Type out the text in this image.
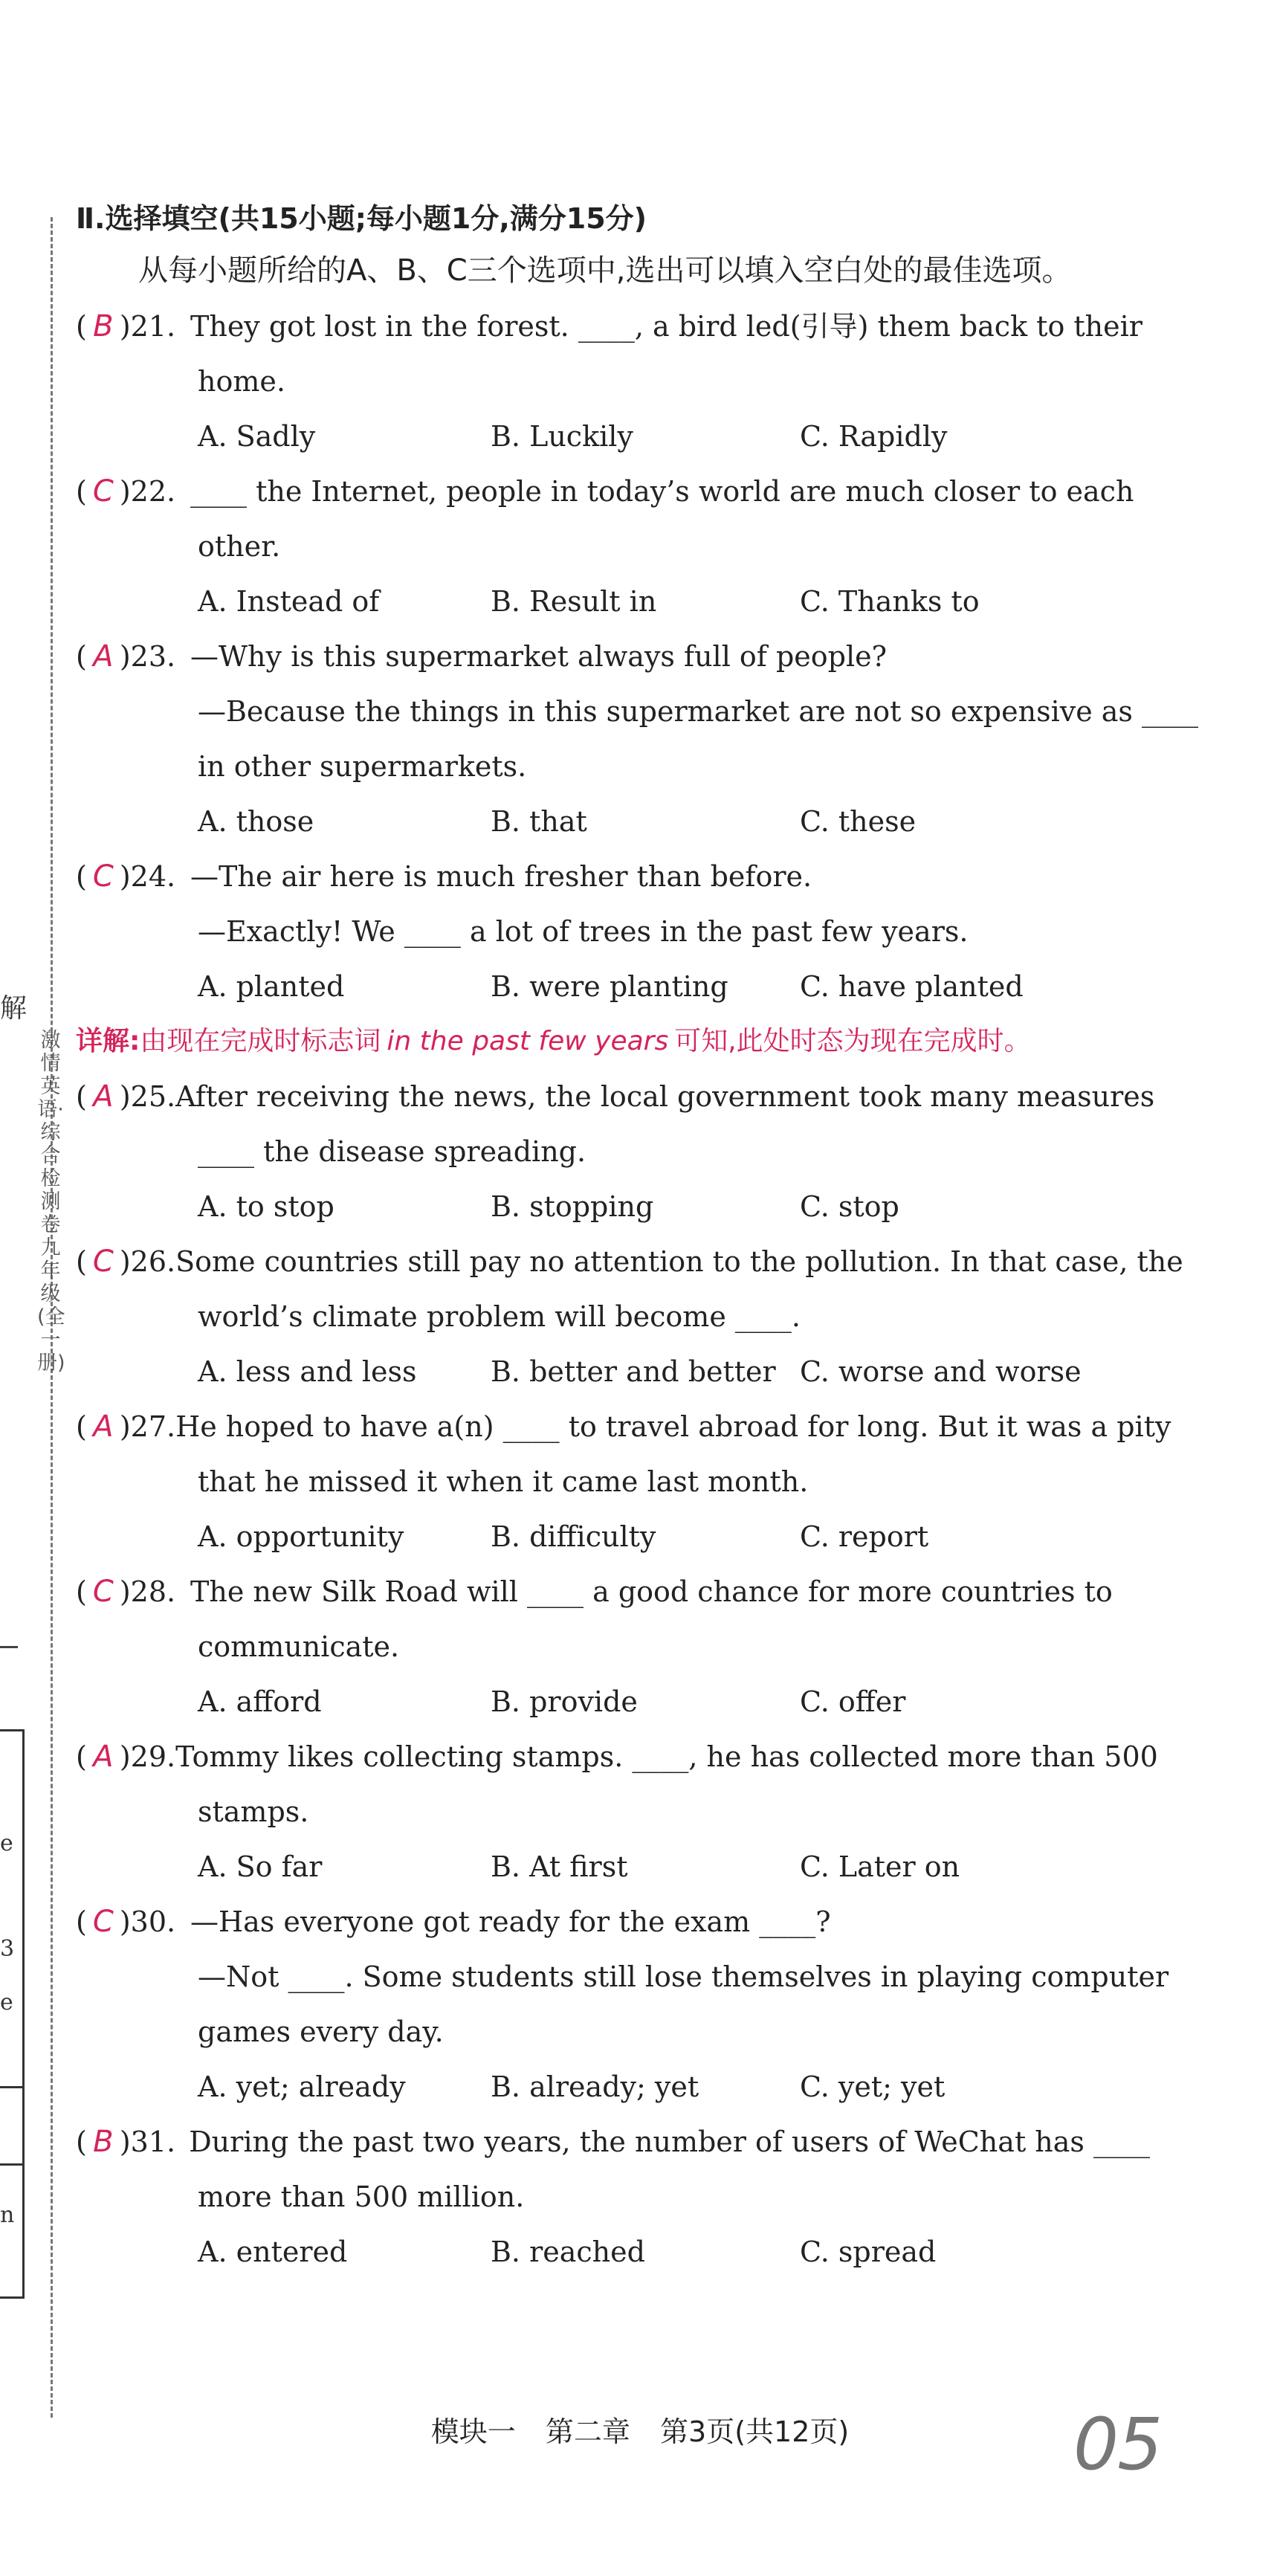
解
激情英语·综合检测卷九年级(全一册)
e
3
e
n
Ⅱ.选择填空(共15小题;每小题1分,满分15分)
从每小题所给的A、B、C三个选项中,选出可以填入空白处的最佳选项。
( B )21. They got lost in the forest. ____, a bird led(引导) them back to their
home.
A. Sadly	B. Luckily	C. Rapidly
( C )22. ____ the Internet, people in today’s world are much closer to each
other.
A. Instead of	B. Result in	C. Thanks to
( A )23. —Why is this supermarket always full of people?
—Because the things in this supermarket are not so expensive as ____
in other supermarkets.
A. those	B. that	C. these
( C )24. —The air here is much fresher than before.
—Exactly! We ____ a lot of trees in the past few years.
A. planted	B. were planting	C. have planted
详解:由现在完成时标志词 in the past few years 可知,此处时态为现在完成时。
( A )25. After receiving the news, the local government took many measures
____ the disease spreading.
A. to stop	B. stopping	C. stop
( C )26. Some countries still pay no attention to the pollution. In that case, the
world’s climate problem will become ____.
A. less and less	B. better and better C. worse and worse
( A )27. He hoped to have a(n) ____ to travel abroad for long. But it was a pity
that he missed it when it came last month.
A. opportunity	B. difficulty	C. report
( C )28. The new Silk Road will ____ a good chance for more countries to
communicate.
A. afford	B. provide	C. offer
( A )29. Tommy likes collecting stamps. ____, he has collected more than 500
stamps.
A. So far	B. At first	C. Later on
( C )30. —Has everyone got ready for the exam ____?
—Not ____. Some students still lose themselves in playing computer
games every day.
A. yet; already	B. already; yet	C. yet; yet
( B )31. During the past two years, the number of users of WeChat has ____
more than 500 million.
A. entered	B. reached	C. spread
模块一 第二章 第3页(共12页)	05
